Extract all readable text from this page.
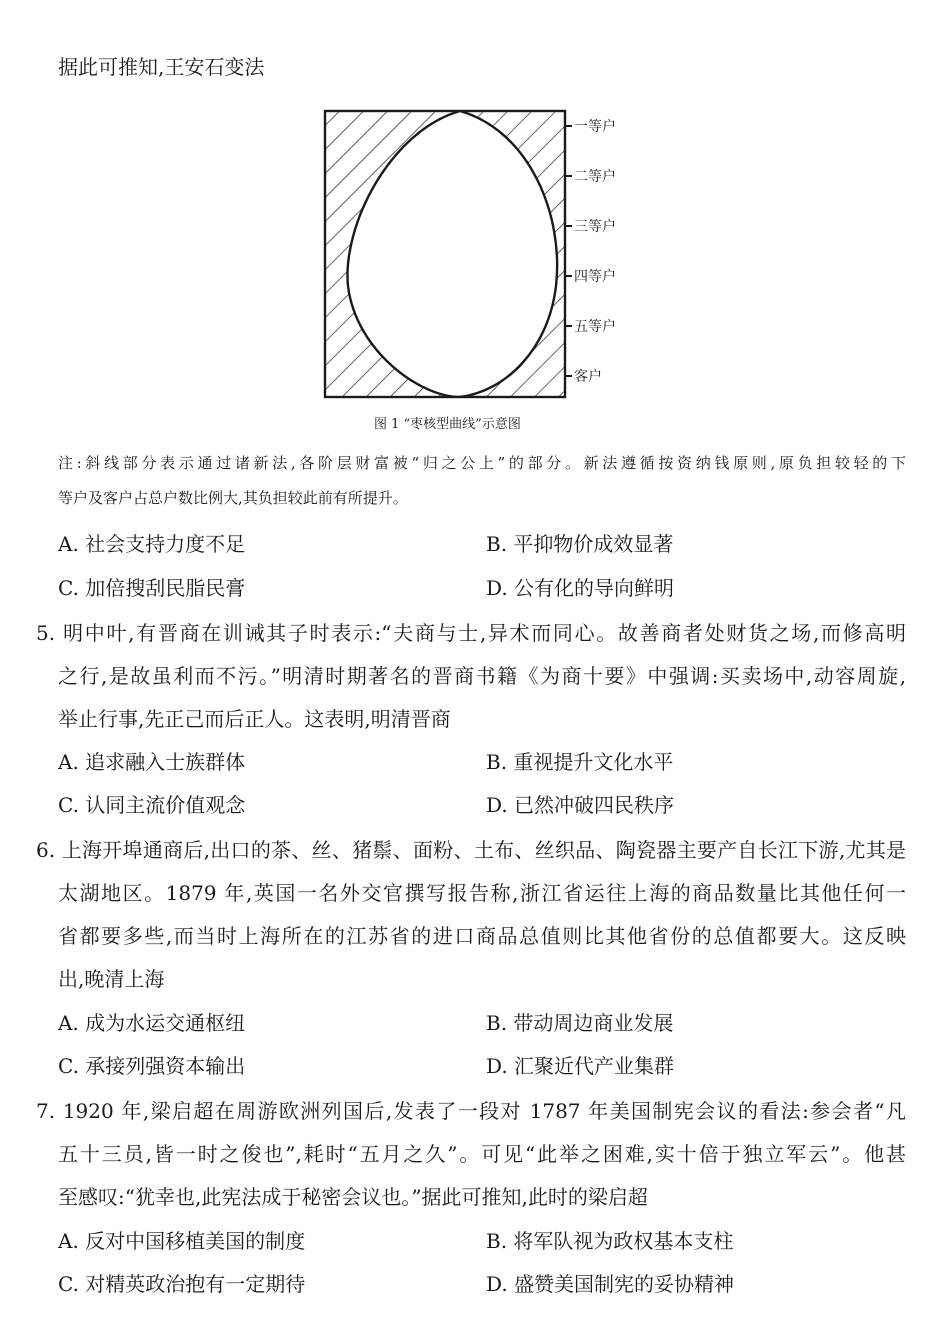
据此可推知,王安石变法
一等户
二等户
三等户
四等户
五等户
客户
图 1 “枣核型曲线”示意图
注:斜线部分表示通过诸新法,各阶层财富被“归之公上”的部分。新法遵循按资纳钱原则,原负担较轻的下
等户及客户占总户数比例大,其负担较此前有所提升。
A. 社会支持力度不足	B. 平抑物价成效显著
C. 加倍搜刮民脂民膏	D. 公有化的导向鲜明
5. 明中叶,有晋商在训诫其子时表示:“夫商与士,异术而同心。故善商者处财货之场,而修高明
之行,是故虽利而不污。”明清时期著名的晋商书籍《为商十要》中强调:买卖场中,动容周旋,
举止行事,先正己而后正人。这表明,明清晋商
A. 追求融入士族群体	B. 重视提升文化水平
C. 认同主流价值观念	D. 已然冲破四民秩序
6. 上海开埠通商后,出口的茶、丝、猪鬃、面粉、土布、丝织品、陶瓷器主要产自长江下游,尤其是
太湖地区。1879 年,英国一名外交官撰写报告称,浙江省运往上海的商品数量比其他任何一
省都要多些,而当时上海所在的江苏省的进口商品总值则比其他省份的总值都要大。这反映
出,晚清上海
A. 成为水运交通枢纽	B. 带动周边商业发展
C. 承接列强资本输出	D. 汇聚近代产业集群
7. 1920 年,梁启超在周游欧洲列国后,发表了一段对 1787 年美国制宪会议的看法:参会者“凡
五十三员,皆一时之俊也”,耗时“五月之久”。可见“此举之困难,实十倍于独立军云”。他甚
至感叹:“犹幸也,此宪法成于秘密会议也。”据此可推知,此时的梁启超
A. 反对中国移植美国的制度	B. 将军队视为政权基本支柱
C. 对精英政治抱有一定期待	D. 盛赞美国制宪的妥协精神
